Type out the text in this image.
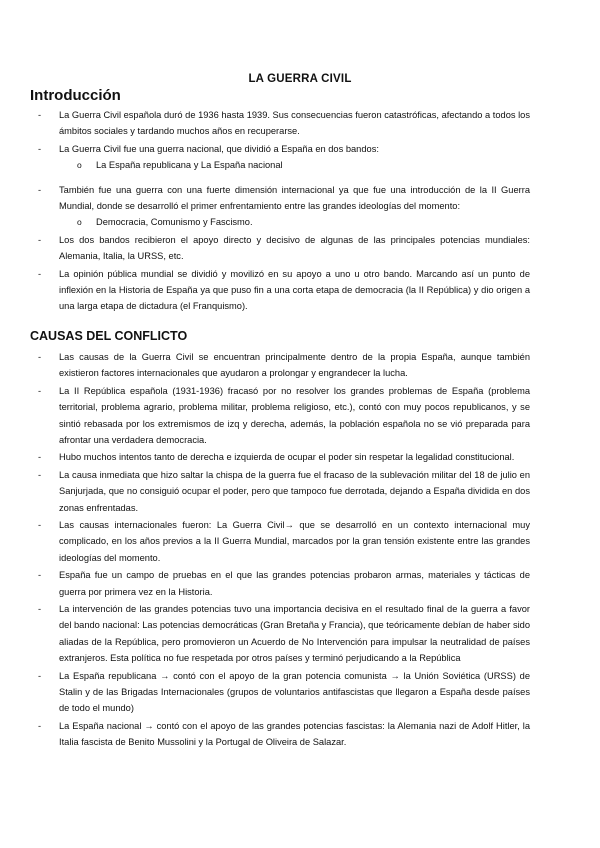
LA GUERRA CIVIL
Introducción
- La Guerra Civil española duró de 1936 hasta 1939. Sus consecuencias fueron catastróficas, afectando a todos los ámbitos sociales y tardando muchos años en recuperarse.
- La Guerra Civil fue una guerra nacional, que dividió a España en dos bandos:
o La España republicana y La España nacional
- También fue una guerra con una fuerte dimensión internacional ya que fue una introducción de la II Guerra Mundial, donde se desarrolló el primer enfrentamiento entre las grandes ideologías del momento:
o Democracia, Comunismo y Fascismo.
- Los dos bandos recibieron el apoyo directo y decisivo de algunas de las principales potencias mundiales: Alemania, Italia, la URSS, etc.
- La opinión pública mundial se dividió y movilizó en su apoyo a uno u otro bando. Marcando así un punto de inflexión en la Historia de España ya que puso fin a una corta etapa de democracia (la II República) y dio origen a una larga etapa de dictadura (el Franquismo).
CAUSAS DEL CONFLICTO
- Las causas de la Guerra Civil se encuentran principalmente dentro de la propia España, aunque también existieron factores internacionales que ayudaron a prolongar y engrandecer la lucha.
- La II República española (1931-1936) fracasó por no resolver los grandes problemas de España (problema territorial, problema agrario, problema militar, problema religioso, etc.), contó con muy pocos republicanos, y se sintió rebasada por los extremismos de izq y derecha, además, la población española no se vió preparada para afrontar una verdadera democracia.
- Hubo muchos intentos tanto de derecha e izquierda de ocupar el poder sin respetar la legalidad constitucional.
- La causa inmediata que hizo saltar la chispa de la guerra fue el fracaso de la sublevación militar del 18 de julio en Sanjurjada, que no consiguió ocupar el poder, pero que tampoco fue derrotada, dejando a España dividida en dos zonas enfrentadas.
- Las causas internacionales fueron: La Guerra Civil→ que se desarrolló en un contexto internacional muy complicado, en los años previos a la II Guerra Mundial, marcados por la gran tensión existente entre las grandes ideologías del momento.
- España fue un campo de pruebas en el que las grandes potencias probaron armas, materiales y tácticas de guerra por primera vez en la Historia.
- La intervención de las grandes potencias tuvo una importancia decisiva en el resultado final de la guerra a favor del bando nacional: Las potencias democráticas (Gran Bretaña y Francia), que teóricamente debían de haber sido aliadas de la República, pero promovieron un Acuerdo de No Intervención para impulsar la neutralidad de países extranjeros. Esta política no fue respetada por otros países y terminó perjudicando a la República
- La España republicana → contó con el apoyo de la gran potencia comunista → la Unión Soviética (URSS) de Stalin y de las Brigadas Internacionales (grupos de voluntarios antifascistas que llegaron a España desde países de todo el mundo)
- La España nacional → contó con el apoyo de las grandes potencias fascistas: la Alemania nazi de Adolf Hitler, la Italia fascista de Benito Mussolini y la Portugal de Oliveira de Salazar.
